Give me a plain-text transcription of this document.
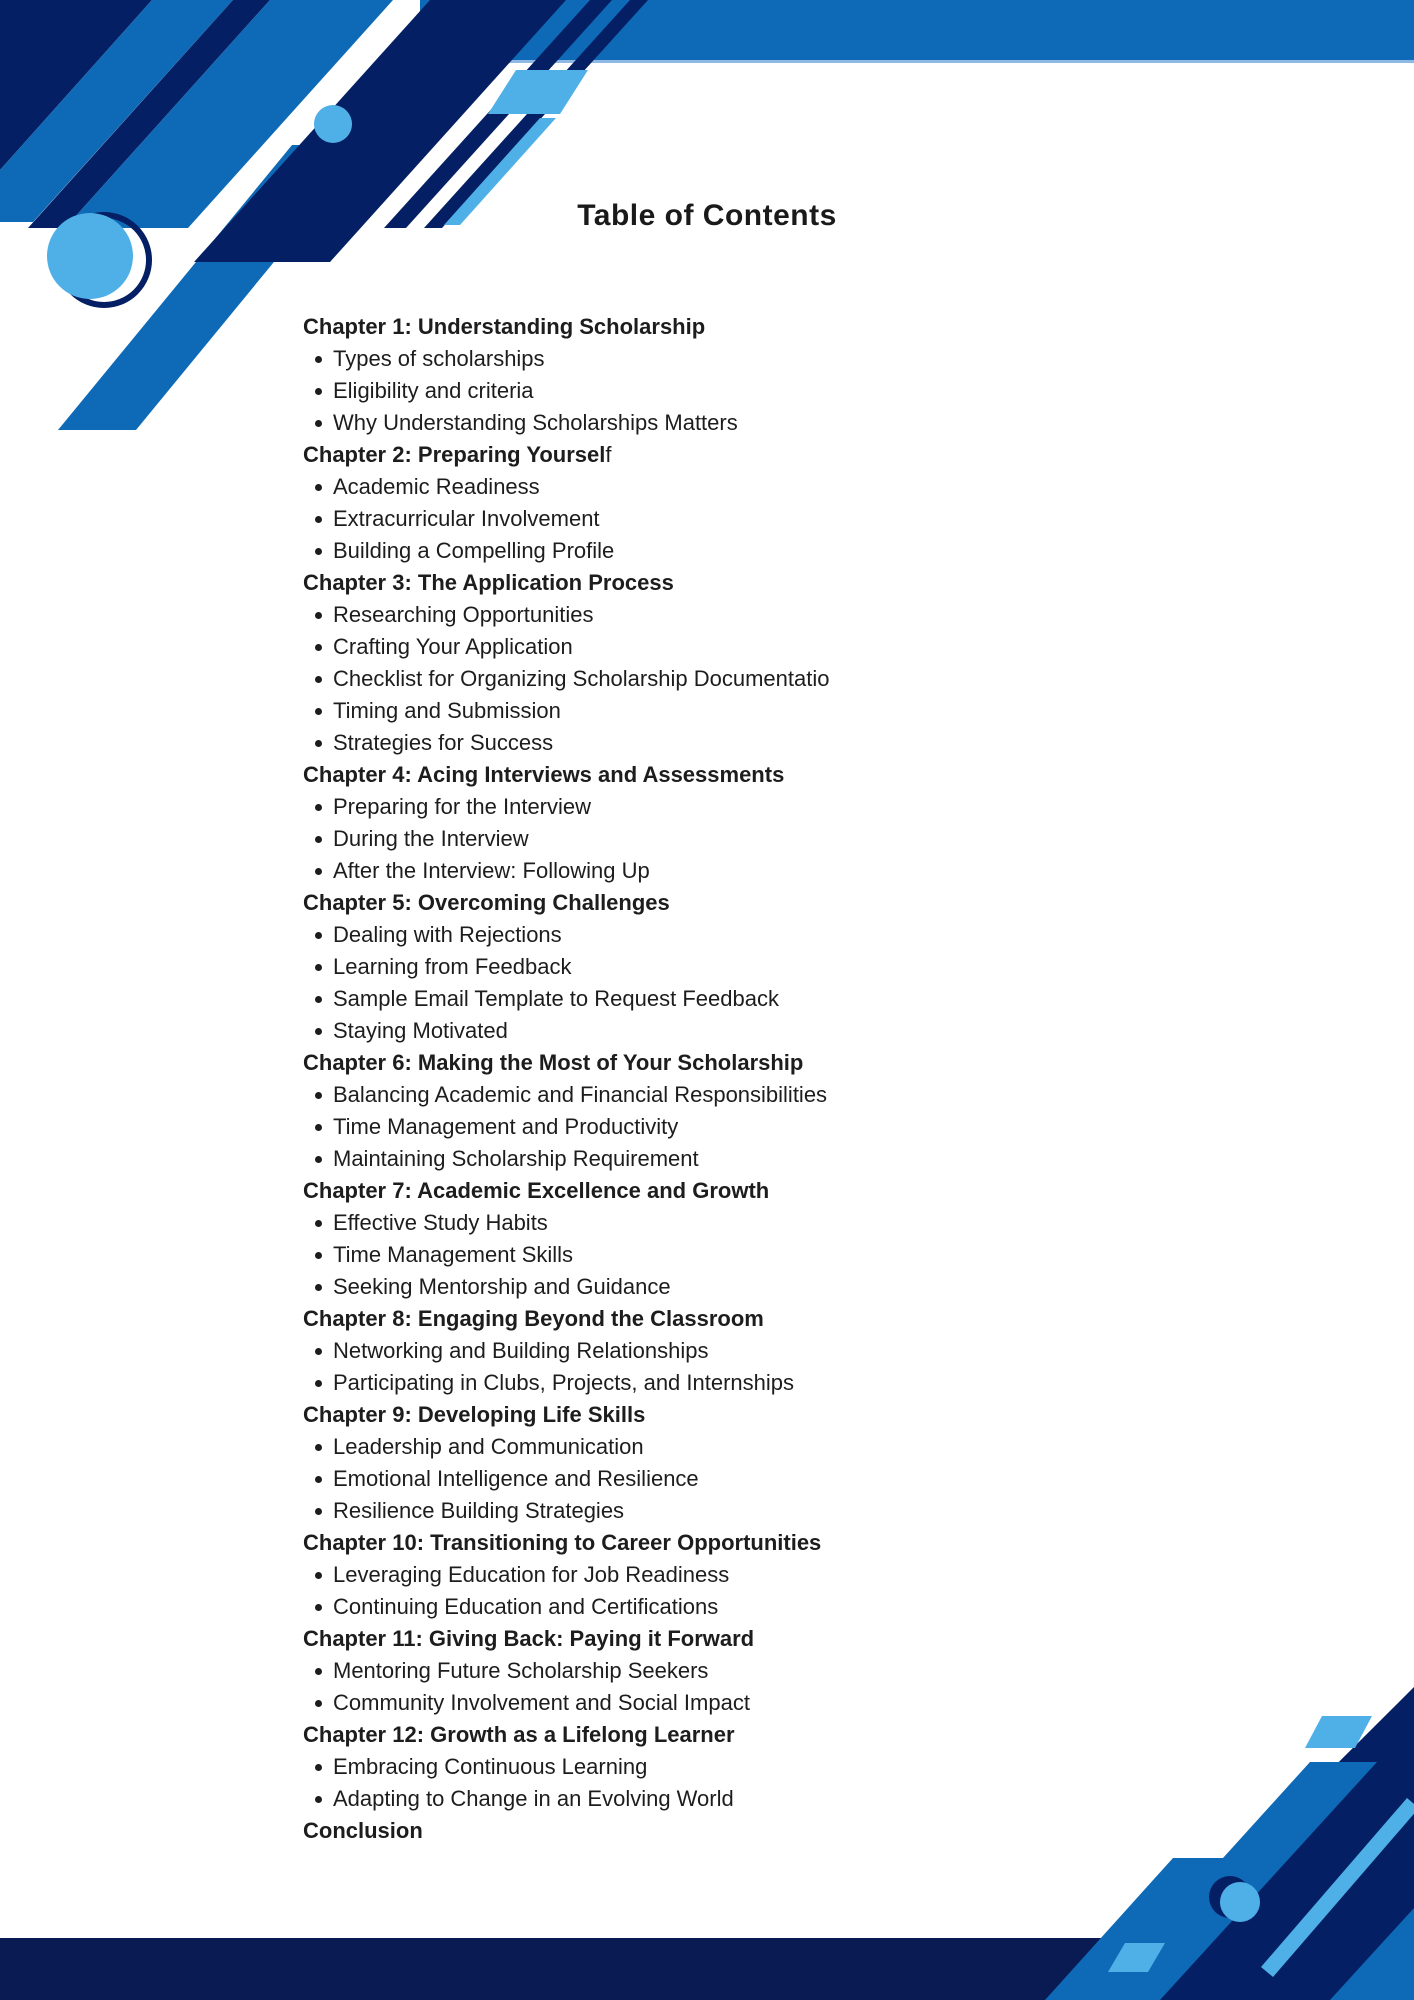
Table of Contents
Chapter 1: Understanding Scholarship
Types of scholarships
Eligibility and criteria
Why Understanding Scholarships Matters
Chapter 2: Preparing Yourself
Academic Readiness
Extracurricular Involvement
Building a Compelling Profile
Chapter 3: The Application Process
Researching Opportunities
Crafting Your Application
Checklist for Organizing Scholarship Documentatio
Timing and Submission
Strategies for Success
Chapter 4: Acing Interviews and Assessments
Preparing for the Interview
During the Interview
After the Interview: Following Up
Chapter 5: Overcoming Challenges
Dealing with Rejections
Learning from Feedback
Sample Email Template to Request Feedback
Staying Motivated
Chapter 6: Making the Most of Your Scholarship
Balancing Academic and Financial Responsibilities
Time Management and Productivity
Maintaining Scholarship Requirement
Chapter 7: Academic Excellence and Growth
Effective Study Habits
Time Management Skills
Seeking Mentorship and Guidance
Chapter 8: Engaging Beyond the Classroom
Networking and Building Relationships
Participating in Clubs, Projects, and Internships
Chapter 9: Developing Life Skills
Leadership and Communication
Emotional Intelligence and Resilience
Resilience Building Strategies
Chapter 10: Transitioning to Career Opportunities
Leveraging Education for Job Readiness
Continuing Education and Certifications
Chapter 11: Giving Back: Paying it Forward
Mentoring Future Scholarship Seekers
Community Involvement and Social Impact
Chapter 12: Growth as a Lifelong Learner
Embracing Continuous Learning
Adapting to Change in an Evolving World
Conclusion
